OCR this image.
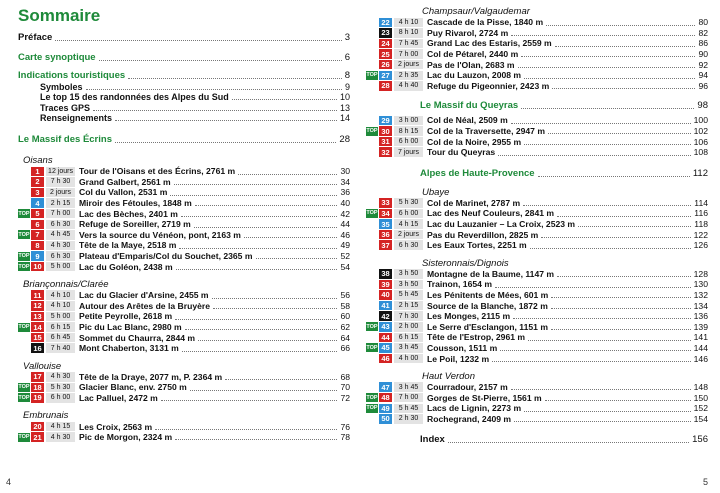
Sommaire
Préface	3
Carte synoptique	6
Indications touristiques	8
Symboles	9
Le top 15 des randonnées des Alpes du Sud	10
Traces GPS	13
Renseignements	14
Le Massif des Écrins	28
Oisans
1	12 jours Tour de l'Oisans et des Écrins, 2761 m	30
2	7 h 30	Grand Galbert, 2561 m	34
3	2 jours Col du Vallon, 2531 m	36
4	2 h 15	Miroir des Fétoules, 1848 m	40
TOP 5	7 h 00	Lac des Bèches, 2401 m	42
6	6 h 30	Refuge de Soreiller, 2719 m	44
TOP 7	4 h 45	Vers la source du Vénéon, pont, 2163 m	46
8	4 h 30	Tête de la Maye, 2518 m	49
TOP 9	6 h 30	Plateau d'Emparis/Col du Souchet, 2365 m	52
TOP 10	5 h 00	Lac du Goléon, 2438 m	54
Briançonnais/Clarée
11	4 h 10	Lac du Glacier d'Arsine, 2455 m	56
12	4 h 10	Autour des Arêtes de la Bruyère	58
13	5 h 00	Petite Peyrolle, 2618 m	60
TOP 14	6 h 15	Pic du Lac Blanc, 2980 m	62
15	6 h 45	Sommet du Chaurra, 2844 m	64
16	7 h 40	Mont Chaberton, 3131 m	66
Vallouise
17	4 h 30	Tête de la Draye, 2077 m, P. 2364 m	68
TOP 18	5 h 30	Glacier Blanc, env. 2750 m	70
TOP 19	6 h 00	Lac Palluel, 2472 m	72
Embrunais
20	4 h 15	Les Croix, 2563 m	76
TOP 21	4 h 30	Pic de Morgon, 2324 m	78
4
Champsaur/Valgaudemar
22	4 h 10	Cascade de la Pisse, 1840 m	80
23	8 h 10	Puy Rivarol, 2724 m	82
24	7 h 45	Grand Lac des Estaris, 2559 m	86
25	7 h 00	Col de Pétarel, 2440 m	90
26	2 jours Pas de l'Olan, 2683 m	92
TOP 27	2 h 35	Lac du Lauzon, 2008 m	94
28	4 h 40	Refuge du Pigeonnier, 2423 m	96
Le Massif du Queyras	98
29	3 h 00	Col de Néal, 2509 m	100
TOP 30	8 h 15	Col de la Traversette, 2947 m	102
31	6 h 00	Col de la Noire, 2955 m	106
32	7 jours Tour du Queyras	108
Alpes de Haute-Provence	112
Ubaye
33	5 h 30	Col de Marinet, 2787 m	114
TOP 34	6 h 00	Lac des Neuf Couleurs, 2841 m	116
35	4 h 15	Lac du Lauzanier – La Croix, 2523 m	118
36	2 jours Pas du Reverdillon, 2825 m	122
37	6 h 30	Les Eaux Tortes, 2251 m	126
Sisteronnais/Dignois
38	3 h 50	Montagne de la Baume, 1147 m	128
39	3 h 50	Trainon, 1654 m	130
40	5 h 45	Les Pénitents de Mées, 601 m	132
41	2 h 15	Source de la Blanche, 1872 m	134
42	7 h 30	Les Monges, 2115 m	136
TOP 43	2 h 00	Le Serre d'Esclangon, 1151 m	139
44	6 h 15	Tête de l'Estrop, 2961 m	141
TOP 45	3 h 45	Cousson, 1511 m	144
46	4 h 00	Le Poil, 1232 m	146
Haut Verdon
47	3 h 45	Courradour, 2157 m	148
TOP 48	7 h 00	Gorges de St-Pierre, 1561 m	150
TOP 49	5 h 45	Lacs de Lignin, 2273 m	152
50	2 h 30	Rochegrand, 2409 m	154
Index	156
5
